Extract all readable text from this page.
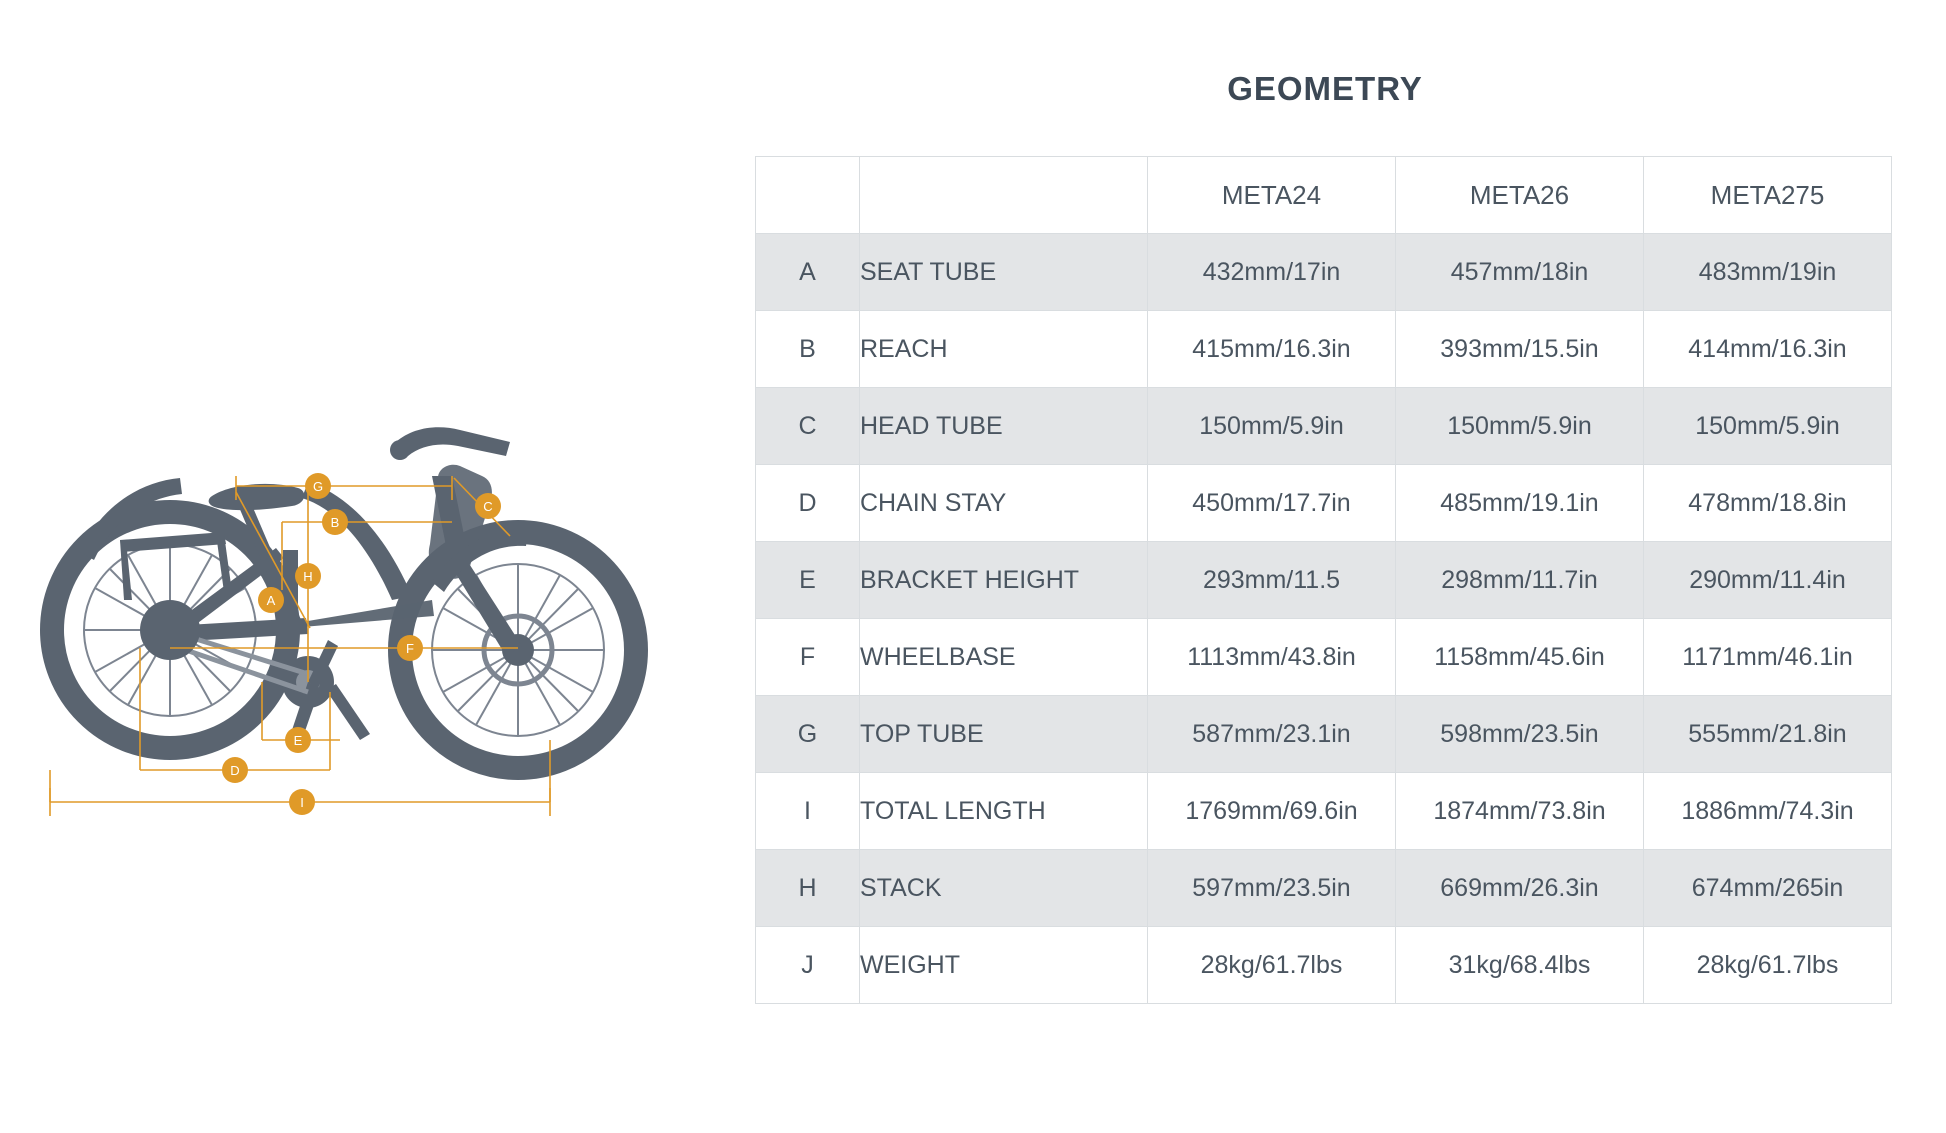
G
B
C
H
A
F
E
D
I
GEOMETRY
		META24	META26	META275
A	SEAT TUBE	432mm/17in	457mm/18in	483mm/19in
B	REACH	415mm/16.3in	393mm/15.5in	414mm/16.3in
C	HEAD TUBE	150mm/5.9in	150mm/5.9in	150mm/5.9in
D	CHAIN STAY	450mm/17.7in	485mm/19.1in	478mm/18.8in
E	BRACKET HEIGHT	293mm/11.5	298mm/11.7in	290mm/11.4in
F	WHEELBASE	1113mm/43.8in	1158mm/45.6in	1171mm/46.1in
G	TOP TUBE	587mm/23.1in	598mm/23.5in	555mm/21.8in
I	TOTAL LENGTH	1769mm/69.6in	1874mm/73.8in	1886mm/74.3in
H	STACK	597mm/23.5in	669mm/26.3in	674mm/265in
J	WEIGHT	28kg/61.7lbs	31kg/68.4lbs	28kg/61.7lbs
